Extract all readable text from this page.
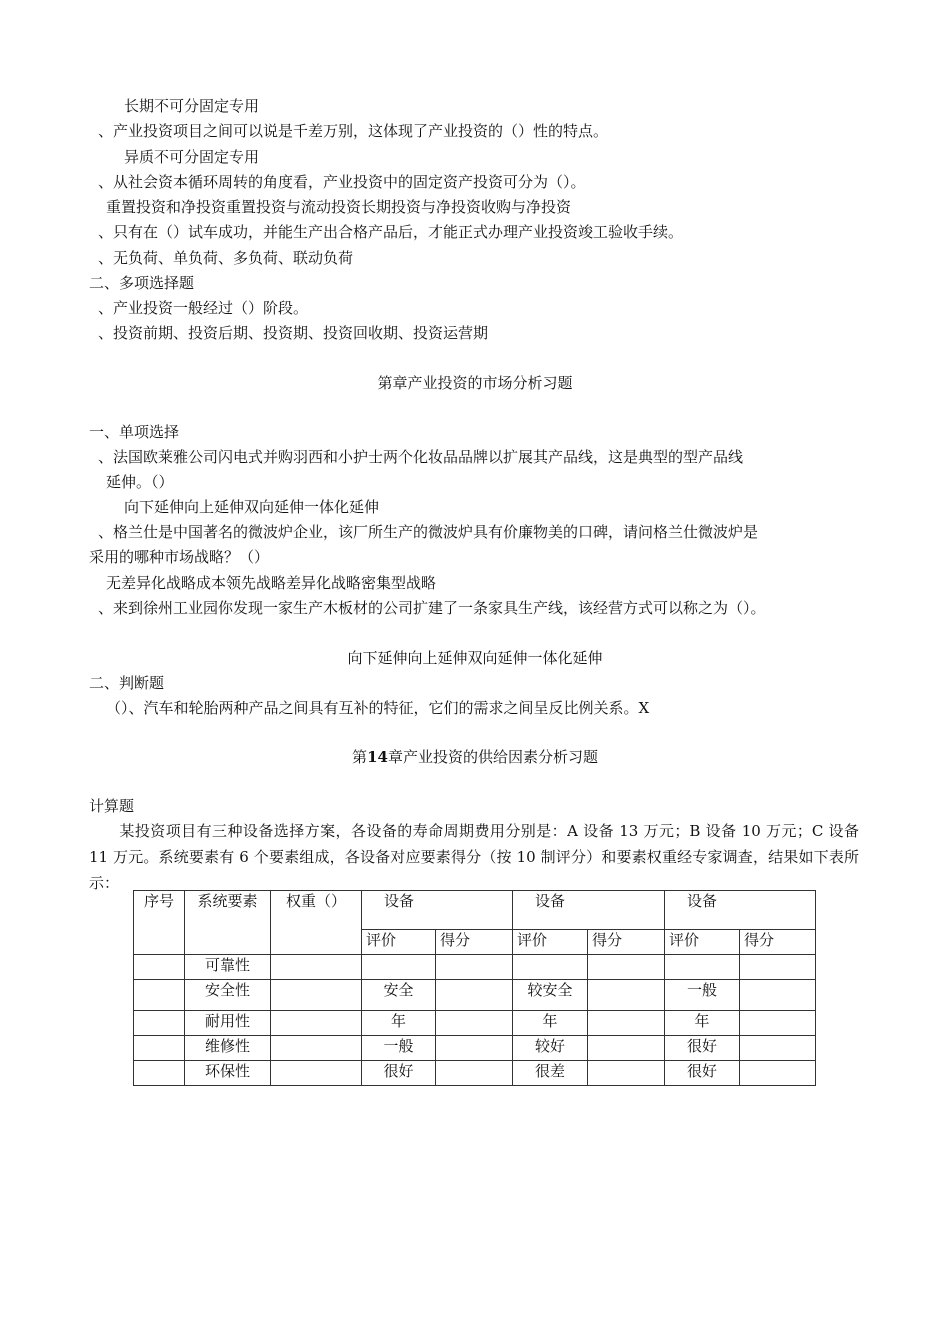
长期不可分固定专用
、产业投资项目之间可以说是千差万别，这体现了产业投资的（）性的特点。
异质不可分固定专用
、从社会资本循环周转的角度看，产业投资中的固定资产投资可分为（）。
重置投资和净投资重置投资与流动投资长期投资与净投资收购与净投资
、只有在（）试车成功，并能生产出合格产品后，才能正式办理产业投资竣工验收手续。
、无负荷、单负荷、多负荷、联动负荷
二、多项选择题
、产业投资一般经过（）阶段。
、投资前期、投资后期、投资期、投资回收期、投资运营期
第章产业投资的市场分析习题
一、单项选择
、法国欧莱雅公司闪电式并购羽西和小护士两个化妆品品牌以扩展其产品线，这是典型的型产品线
延伸。（）
向下延伸向上延伸双向延伸一体化延伸
、格兰仕是中国著名的微波炉企业，该厂所生产的微波炉具有价廉物美的口碑，请问格兰仕微波炉是
采用的哪种市场战略？（）
无差异化战略成本领先战略差异化战略密集型战略
、来到徐州工业园你发现一家生产木板材的公司扩建了一条家具生产线，该经营方式可以称之为（）。
向下延伸向上延伸双向延伸一体化延伸
二、判断题
（）、汽车和轮胎两种产品之间具有互补的特征，它们的需求之间呈反比例关系。X
第14章产业投资的供给因素分析习题
计算题
某投资项目有三种设备选择方案，各设备的寿命周期费用分别是：A 设备 13 万元；B 设备 10 万元；C 设备 11 万元。系统要素有 6 个要素组成，各设备对应要素得分（按 10 制评分）和要素权重经专家调查，结果如下表所示：
序号	系统要素	权重（）	设备		设备		设备	
			评价	得分	评价	得分	评价	得分
	可靠性							
	安全性		安全		较安全		一般	
	耐用性		年		年		年	
	维修性		一般		较好		很好	
	环保性		很好		很差		很好	
